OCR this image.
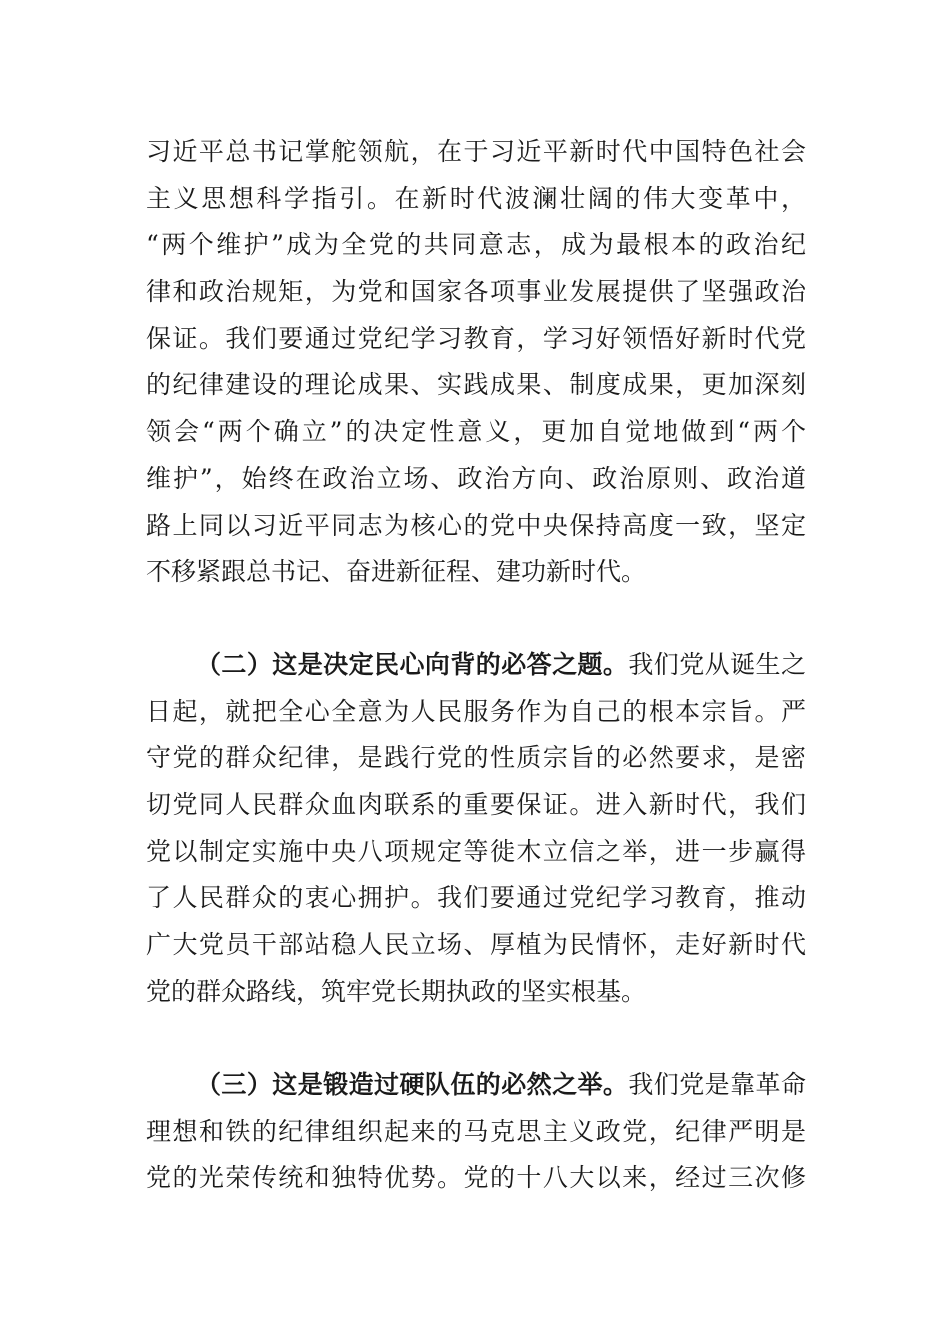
习近平总书记掌舵领航，在于习近平新时代中国特色社会
主义思想科学指引。在新时代波澜壮阔的伟大变革中，
“两个维护”成为全党的共同意志，成为最根本的政治纪
律和政治规矩，为党和国家各项事业发展提供了坚强政治
保证。我们要通过党纪学习教育，学习好领悟好新时代党
的纪律建设的理论成果、实践成果、制度成果，更加深刻
领会“两个确立”的决定性意义，更加自觉地做到“两个
维护”，始终在政治立场、政治方向、政治原则、政治道
路上同以习近平同志为核心的党中央保持高度一致，坚定
不移紧跟总书记、奋进新征程、建功新时代。
（二）这是决定民心向背的必答之题。我们党从诞生之
日起，就把全心全意为人民服务作为自己的根本宗旨。严
守党的群众纪律，是践行党的性质宗旨的必然要求，是密
切党同人民群众血肉联系的重要保证。进入新时代，我们
党以制定实施中央八项规定等徙木立信之举，进一步赢得
了人民群众的衷心拥护。我们要通过党纪学习教育，推动
广大党员干部站稳人民立场、厚植为民情怀，走好新时代
党的群众路线，筑牢党长期执政的坚实根基。
（三）这是锻造过硬队伍的必然之举。我们党是靠革命
理想和铁的纪律组织起来的马克思主义政党，纪律严明是
党的光荣传统和独特优势。党的十八大以来，经过三次修
